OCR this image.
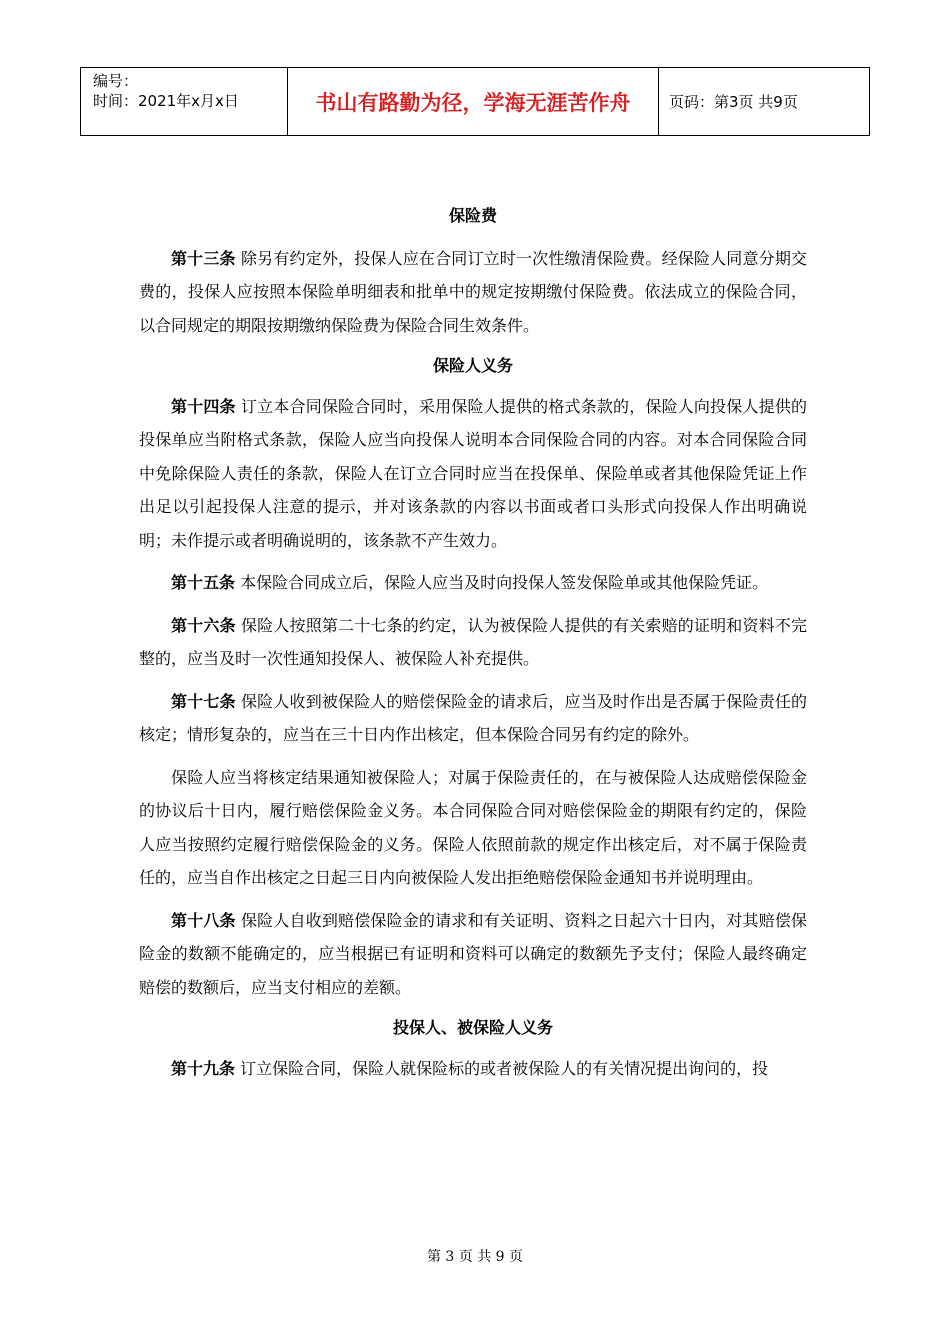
编号：
时间：2021年x月x日	书山有路勤为径，学海无涯苦作舟	页码：第3页 共9页

保险费

第十三条 除另有约定外，投保人应在合同订立时一次性缴清保险费。经保险人同意分期交费的，投保人应按照本保险单明细表和批单中的规定按期缴付保险费。依法成立的保险合同，以合同规定的期限按期缴纳保险费为保险合同生效条件。

保险人义务

第十四条 订立本合同保险合同时，采用保险人提供的格式条款的，保险人向投保人提供的投保单应当附格式条款，保险人应当向投保人说明本合同保险合同的内容。对本合同保险合同中免除保险人责任的条款，保险人在订立合同时应当在投保单、保险单或者其他保险凭证上作出足以引起投保人注意的提示，并对该条款的内容以书面或者口头形式向投保人作出明确说明；未作提示或者明确说明的，该条款不产生效力。

第十五条 本保险合同成立后，保险人应当及时向投保人签发保险单或其他保险凭证。

第十六条 保险人按照第二十七条的约定，认为被保险人提供的有关索赔的证明和资料不完整的，应当及时一次性通知投保人、被保险人补充提供。

第十七条 保险人收到被保险人的赔偿保险金的请求后，应当及时作出是否属于保险责任的核定；情形复杂的，应当在三十日内作出核定，但本保险合同另有约定的除外。

保险人应当将核定结果通知被保险人；对属于保险责任的，在与被保险人达成赔偿保险金的协议后十日内，履行赔偿保险金义务。本合同保险合同对赔偿保险金的期限有约定的，保险人应当按照约定履行赔偿保险金的义务。保险人依照前款的规定作出核定后，对不属于保险责任的，应当自作出核定之日起三日内向被保险人发出拒绝赔偿保险金通知书并说明理由。

第十八条 保险人自收到赔偿保险金的请求和有关证明、资料之日起六十日内，对其赔偿保险金的数额不能确定的，应当根据已有证明和资料可以确定的数额先予支付；保险人最终确定赔偿的数额后，应当支付相应的差额。

投保人、被保险人义务

第十九条 订立保险合同，保险人就保险标的或者被保险人的有关情况提出询问的，投

第 3 页 共 9 页
